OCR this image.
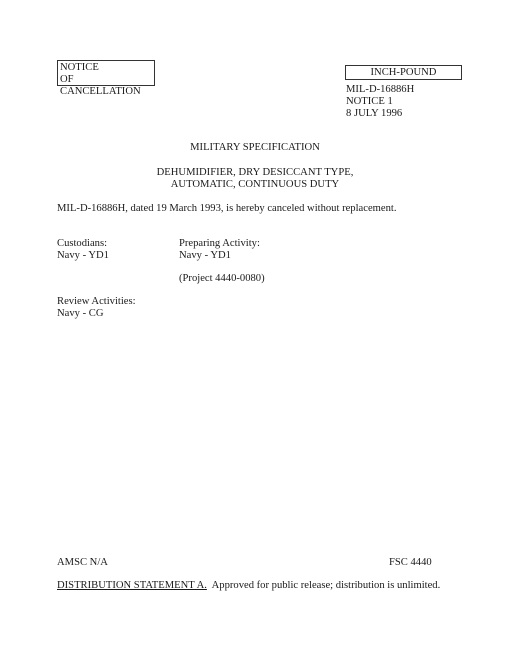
NOTICE
OF CANCELLATION
INCH-POUND
MIL-D-16886H
NOTICE 1
8 JULY 1996
MILITARY SPECIFICATION
DEHUMIDIFIER, DRY DESICCANT TYPE,
AUTOMATIC, CONTINUOUS DUTY
MIL-D-16886H, dated 19 March 1993, is hereby canceled without replacement.
Custodians:
Navy - YD1
Preparing Activity:
Navy - YD1
(Project 4440-0080)
Review Activities:
Navy - CG
AMSC N/A	FSC 4440
DISTRIBUTION STATEMENT A.  Approved for public release; distribution is unlimited.
